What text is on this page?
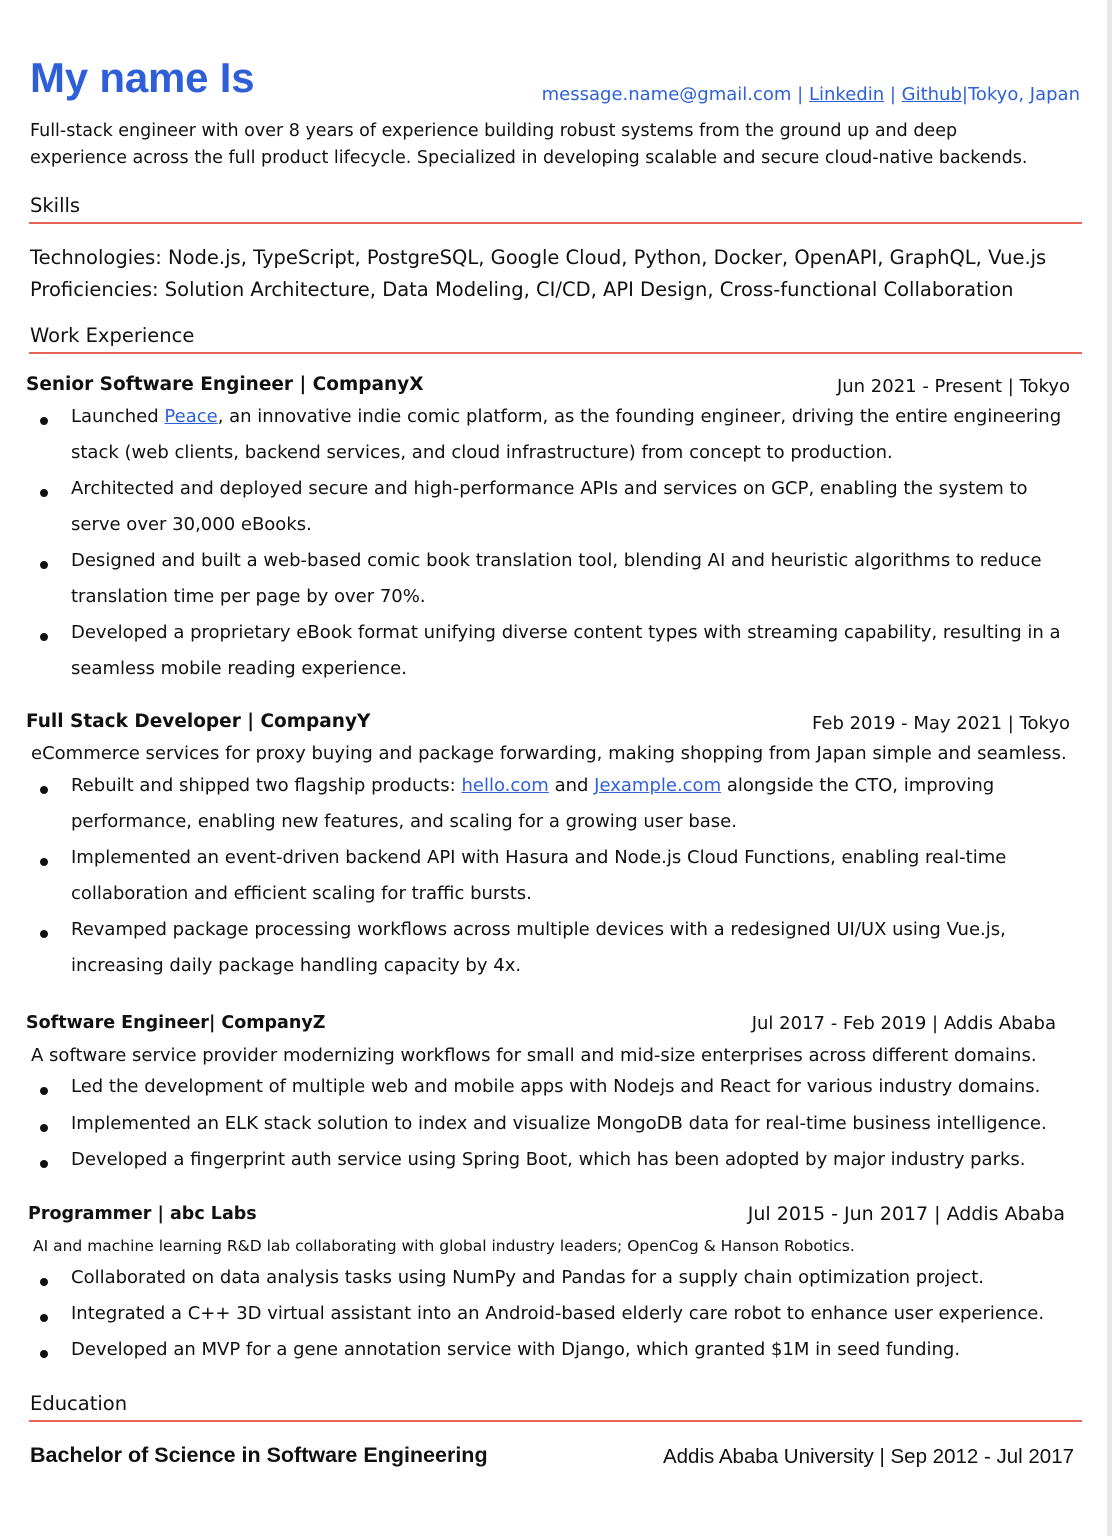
My name Is	message.name@gmail.com | Linkedin | Github|Tokyo, Japan
Full-stack engineer with over 8 years of experience building robust systems from the ground up and deep
experience across the full product lifecycle. Specialized in developing scalable and secure cloud-native backends.
Skills
Technologies: Node.js, TypeScript, PostgreSQL, Google Cloud, Python, Docker, OpenAPI, GraphQL, Vue.js
Proficiencies: Solution Architecture, Data Modeling, CI/CD, API Design, Cross-functional Collaboration
Work Experience
Senior Software Engineer | CompanyX	Jun 2021 - Present | Tokyo
Launched Peace, an innovative indie comic platform, as the founding engineer, driving the entire engineering
stack (web clients, backend services, and cloud infrastructure) from concept to production.
Architected and deployed secure and high-performance APIs and services on GCP, enabling the system to
serve over 30,000 eBooks.
Designed and built a web-based comic book translation tool, blending AI and heuristic algorithms to reduce
translation time per page by over 70%.
Developed a proprietary eBook format unifying diverse content types with streaming capability, resulting in a
seamless mobile reading experience.
Full Stack Developer | CompanyY	Feb 2019 - May 2021 | Tokyo
eCommerce services for proxy buying and package forwarding, making shopping from Japan simple and seamless.
Rebuilt and shipped two flagship products: hello.com and Jexample.com alongside the CTO, improving
performance, enabling new features, and scaling for a growing user base.
Implemented an event-driven backend API with Hasura and Node.js Cloud Functions, enabling real-time
collaboration and efficient scaling for traffic bursts.
Revamped package processing workflows across multiple devices with a redesigned UI/UX using Vue.js,
increasing daily package handling capacity by 4x.
Software Engineer| CompanyZ	Jul 2017 - Feb 2019 | Addis Ababa
A software service provider modernizing workflows for small and mid-size enterprises across different domains.
Led the development of multiple web and mobile apps with Nodejs and React for various industry domains.
Implemented an ELK stack solution to index and visualize MongoDB data for real-time business intelligence.
Developed a fingerprint auth service using Spring Boot, which has been adopted by major industry parks.
Programmer | abc Labs	Jul 2015 - Jun 2017 | Addis Ababa
AI and machine learning R&D lab collaborating with global industry leaders; OpenCog & Hanson Robotics.
Collaborated on data analysis tasks using NumPy and Pandas for a supply chain optimization project.
Integrated a C++ 3D virtual assistant into an Android-based elderly care robot to enhance user experience.
Developed an MVP for a gene annotation service with Django, which granted $1M in seed funding.
Education
Bachelor of Science in Software Engineering	Addis Ababa University | Sep 2012 - Jul 2017
